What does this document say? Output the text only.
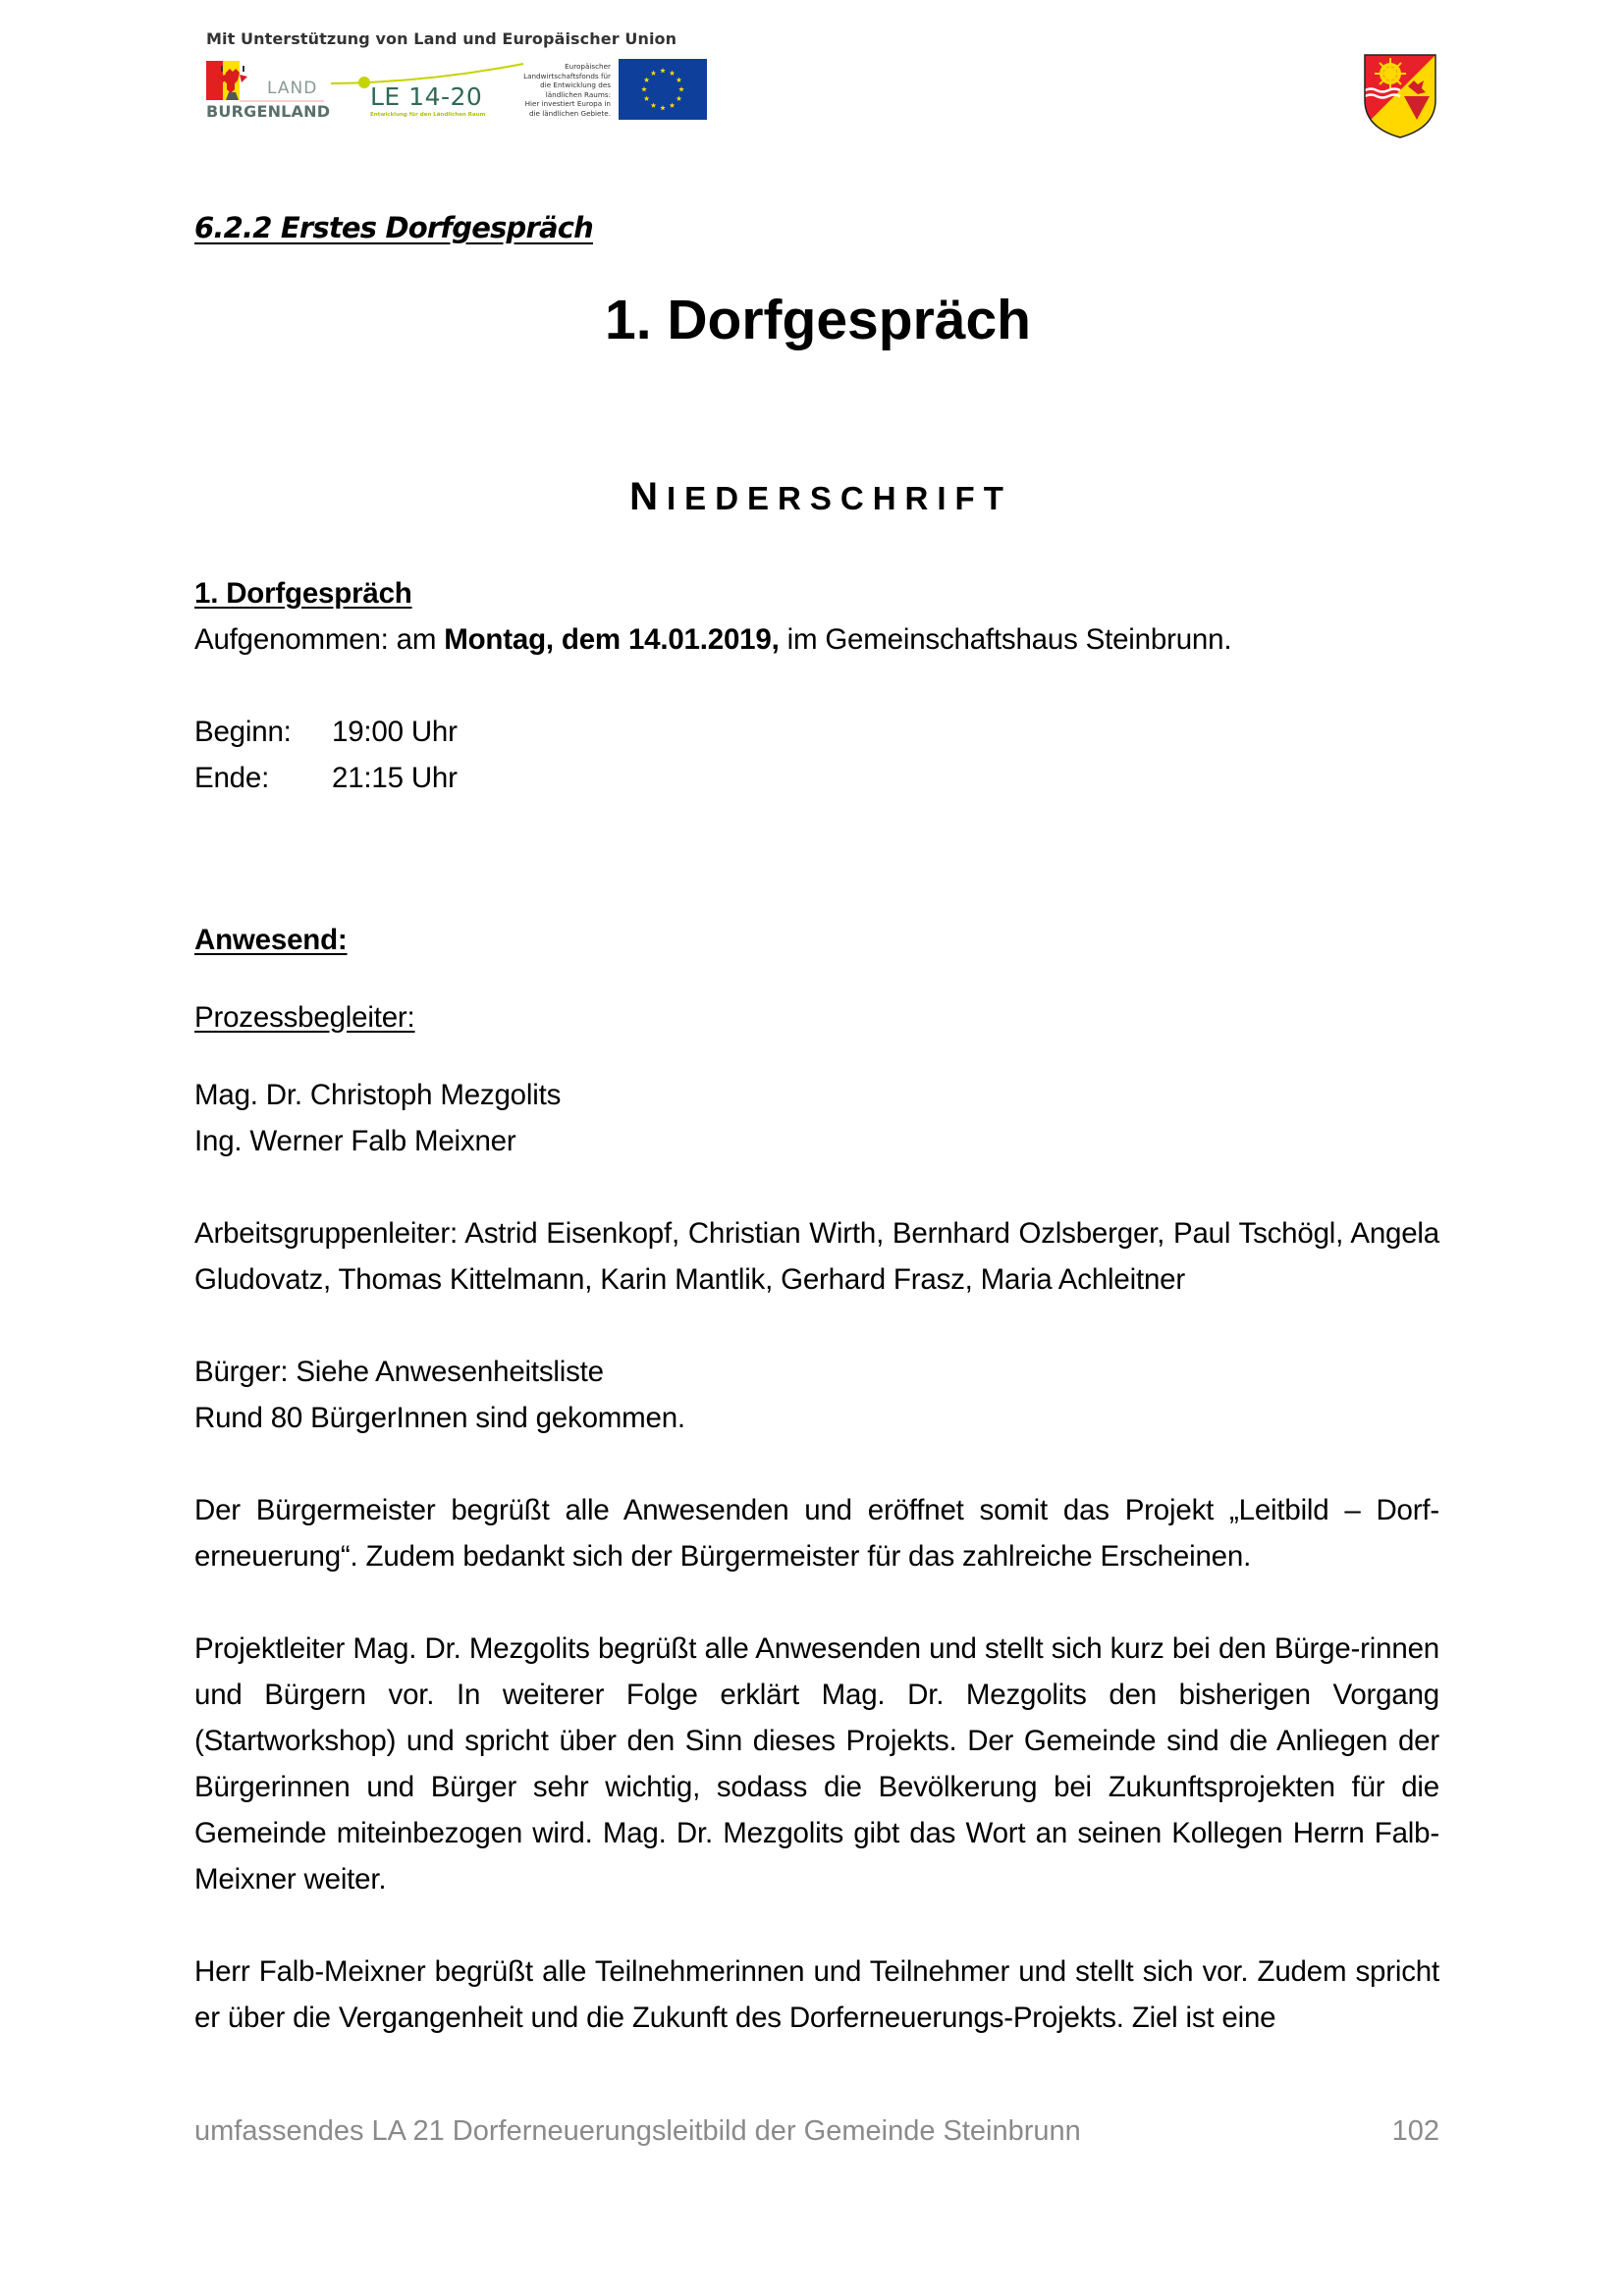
Mit Unterstützung von Land und Europäischer Union
LAND
BURGENLAND
LE 14-20
Entwicklung für den Ländlichen Raum
Europäischer
Landwirtschaftsfonds für
die Entwicklung des
ländlichen Raums:
Hier investiert Europa in
die ländlichen Gebiete.
6.2.2 Erstes Dorfgespräch
1. Dorfgespräch
NIEDERSCHRIFT

1. Dorfgespräch

Aufgenommen: am Montag, dem 14.01.2019, im Gemeinschaftshaus Steinbrunn.

Beginn: 19:00 Uhr

Ende: 21:15 Uhr

Anwesend:

Prozessbegleiter:

Mag. Dr. Christoph Mezgolits

Ing. Werner Falb Meixner

Arbeitsgruppenleiter: Astrid Eisenkopf, Christian Wirth, Bernhard Ozlsberger, Paul Tschögl, Angela Gludovatz, Thomas Kittelmann, Karin Mantlik, Gerhard Frasz, Maria Achleitner

Bürger: Siehe Anwesenheitsliste

Rund 80 BürgerInnen sind gekommen.

Der Bürgermeister begrüßt alle Anwesenden und eröffnet somit das Projekt „Leitbild – Dorf-erneuerung“. Zudem bedankt sich der Bürgermeister für das zahlreiche Erscheinen.

Projektleiter Mag. Dr. Mezgolits begrüßt alle Anwesenden und stellt sich kurz bei den Bürge-rinnen und Bürgern vor. In weiterer Folge erklärt Mag. Dr. Mezgolits den bisherigen Vorgang (Startworkshop) und spricht über den Sinn dieses Projekts. Der Gemeinde sind die Anliegen der Bürgerinnen und Bürger sehr wichtig, sodass die Bevölkerung bei Zukunftsprojekten für die Gemeinde miteinbezogen wird. Mag. Dr. Mezgolits gibt das Wort an seinen Kollegen Herrn Falb-Meixner weiter.

Herr Falb-Meixner begrüßt alle Teilnehmerinnen und Teilnehmer und stellt sich vor. Zudem spricht er über die Vergangenheit und die Zukunft des Dorferneuerungs-Projekts. Ziel ist eine

umfassendes LA 21 Dorferneuerungsleitbild der Gemeinde Steinbrunn	102
